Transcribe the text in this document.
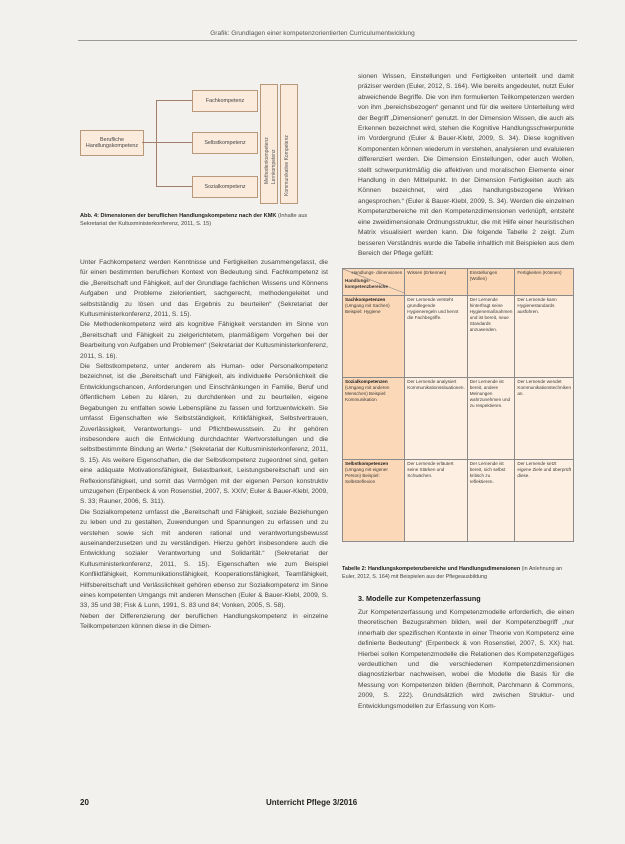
Grafik: Grundlagen einer kompetenzorientierten Curriculumentwicklung
Berufliche Handlungskompetenz
Fachkompetenz
Selbstkompetenz
Sozialkompetenz
Methodenkompetenz Lernkompetenz Kommunikative Kompetenz
Abb. 4: Dimensionen der beruflichen Handlungskompetenz nach der KMK (Inhalte aus Sekretariat der Kultusministerkonferenz, 2011, S. 15)

Unter Fachkompetenz werden Kenntnisse und Fertigkeiten zusammengefasst, die für einen bestimmten beruflichen Kontext von Bedeutung sind. Fachkompetenz ist die „Bereitschaft und Fähigkeit, auf der Grundlage fachlichen Wissens und Könnens Aufgaben und Probleme zielorientiert, sachgerecht, methodengeleitet und selbstständig zu lösen und das Ergebnis zu beurteilen“ (Sekretariat der Kultusministerkonferenz, 2011, S. 15).

Die Methodenkompetenz wird als kognitive Fähigkeit verstanden im Sinne von „Bereitschaft und Fähigkeit zu zielgerichtetem, planmäßigem Vorgehen bei der Bearbeitung von Aufgaben und Problemen“ (Sekretariat der Kultusministerkonferenz, 2011, S. 16).

Die Selbstkompetenz, unter anderem als Human- oder Personalkompetenz bezeichnet, ist die „Bereitschaft und Fähigkeit, als individuelle Persönlichkeit die Entwicklungschancen, Anforderungen und Einschränkungen in Familie, Beruf und öffentlichem Leben zu klären, zu durchdenken und zu beurteilen, eigene Begabungen zu entfalten sowie Lebenspläne zu fassen und fortzuentwickeln. Sie umfasst Eigenschaften wie Selbstständigkeit, Kritikfähigkeit, Selbstvertrauen, Zuverlässigkeit, Verantwortungs- und Pflichtbewusstsein. Zu ihr gehören insbesondere auch die Entwicklung durchdachter Wertvorstellungen und die selbstbestimmte Bindung an Werte.“ (Sekretariat der Kultusministerkonferenz, 2011, S. 15). Als weitere Eigenschaften, die der Selbstkompetenz zugeordnet sind, gelten eine adäquate Motivationsfähigkeit, Belastbarkeit, Leistungsbereitschaft und ein Reflexionsfähigkeit, und somit das Vermögen mit der eigenen Person konstruktiv umzugehen (Erpenbeck & von Rosenstiel, 2007, S. XXIV; Euler & Bauer-Klebl, 2009, S. 33; Rauner, 2006, S. 311).

Die Sozialkompetenz umfasst die „Bereitschaft und Fähigkeit, soziale Beziehungen zu leben und zu gestalten, Zuwendungen und Spannungen zu erfassen und zu verstehen sowie sich mit anderen rational und verantwortungsbewusst auseinanderzusetzen und zu verständigen. Hierzu gehört insbesondere auch die Entwicklung sozialer Verantwortung und Solidarität.“ (Sekretariat der Kultusministerkonferenz, 2011, S. 15). Eigenschaften wie zum Beispiel Konfliktfähigkeit, Kommunikationsfähigkeit, Kooperationsfähigkeit, Teamfähigkeit, Hilfsbereitschaft und Verlässlichkeit gehören ebenso zur Sozialkompetenz im Sinne eines kompetenten Umgangs mit anderen Menschen (Euler & Bauer-Klebl, 2009, S. 33, 35 und 38; Fisk & Lunn, 1991, S. 83 und 84; Vonken, 2005, S. 58).

Neben der Differenzierung der beruflichen Handlungskompetenz in einzelne Teilkompetenzen können diese in die Dimen-

sionen Wissen, Einstellungen und Fertigkeiten unterteilt und damit präziser werden (Euler, 2012, S. 164). Wie bereits angedeutet, nutzt Euler abweichende Begriffe. Die von ihm formulierten Teilkompetenzen werden von ihm „bereichsbezogen“ genannt und für die weitere Unterteilung wird der Begriff „Dimensionen“ genutzt. In der Dimension Wissen, die auch als Erkennen bezeichnet wird, stehen die Kognitive Handlungsschwerpunkte im Vordergrund (Euler & Bauer-Klebl, 2009, S. 34). Diese kognitiven Komponenten können wiederum in verstehen, analysieren und evaluieren differenziert werden. Die Dimension Einstellungen, oder auch Wollen, stellt schwerpunktmäßig die affektiven und moralischen Elemente einer Handlung in den Mittelpunkt. In der Dimension Fertigkeiten auch als Können bezeichnet, wird „das handlungsbezogene Wirken angesprochen.“ (Euler & Bauer-Klebl, 2009, S. 34). Werden die einzelnen Kompetenzbereiche mit den Kompetenzdimensionen verknüpft, entsteht eine zweidimensionale Ordnungsstruktur, die mit Hilfe einer heuristischen Matrix visualisiert werden kann. Die folgende Tabelle 2 zeigt. Zum besseren Verständnis wurde die Tabelle inhaltlich mit Beispielen aus dem Bereich der Pflege gefüllt:

Handlungs- dimensionen
Handlungs- kompetenzbereiche	Wissen (Erkennen)	Einstellungen (Wollen)	Fertigkeiten (Können)

Sachkompetenzen
(Umgang mit Sachen) Beispiel: Hygiene	Der Lernende versteht grundlegende Hygieneregeln und kennt die Fachbegriffe.	Der Lernende hinterfragt seine Hygienemaßnahmen und ist bereit, neue Standards anzuwenden.	Der Lernende kann Hygienestandards ausführen.

Sozialkompetenzen
(Umgang mit anderen Menschen) Beispiel: Kommunikation	Der Lernende analysiert Kommunikationssituationen.	Der Lernende ist bereit, andere Meinungen wahrzunehmen und zu respektieren.	Der Lernende wendet Kommunikationstechniken an.

Selbstkompetenzen
(Umgang mit eigener Person) Beispiel: Selbstreflexion	Der Lernende erläutert seine Stärken und Schwächen.	Der Lernende ist bereit, sich selbst kritisch zu reflektieren.	Der Lernende setzt eigene Ziele und überprüft diese.
Tabelle 2: Handlungskompetenzbereiche und Handlungsdimensionen (in Anlehnung an Euler, 2012, S. 164) mit Beispielen aus der Pflegeausbildung
3. Modelle zur Kompetenzerfassung

Zur Kompetenzerfassung und Kompetenzmodelle erforderlich, die einen theoretischen Bezugsrahmen bilden, weil der Kompetenzbegriff „nur innerhalb der spezifischen Kontexte in einer Theorie von Kompetenz eine definierte Bedeutung“ (Erpenbeck & von Rosenstiel, 2007, S. XX) hat. Hierbei sollen Kompetenzmodelle die Relationen des Kompetenzgefüges verdeutlichen und die verschiedenen Kompetenzdimensionen diagnostizierbar nachweisen, wobei die Modelle die Basis für die Messung von Kompetenzen bilden (Bernholt, Parchmann & Commons, 2009, S. 222). Grundsätzlich wird zwischen Struktur- und Entwicklungsmodellen zur Erfassung von Kom-

20	Unterricht Pflege 3/2016
